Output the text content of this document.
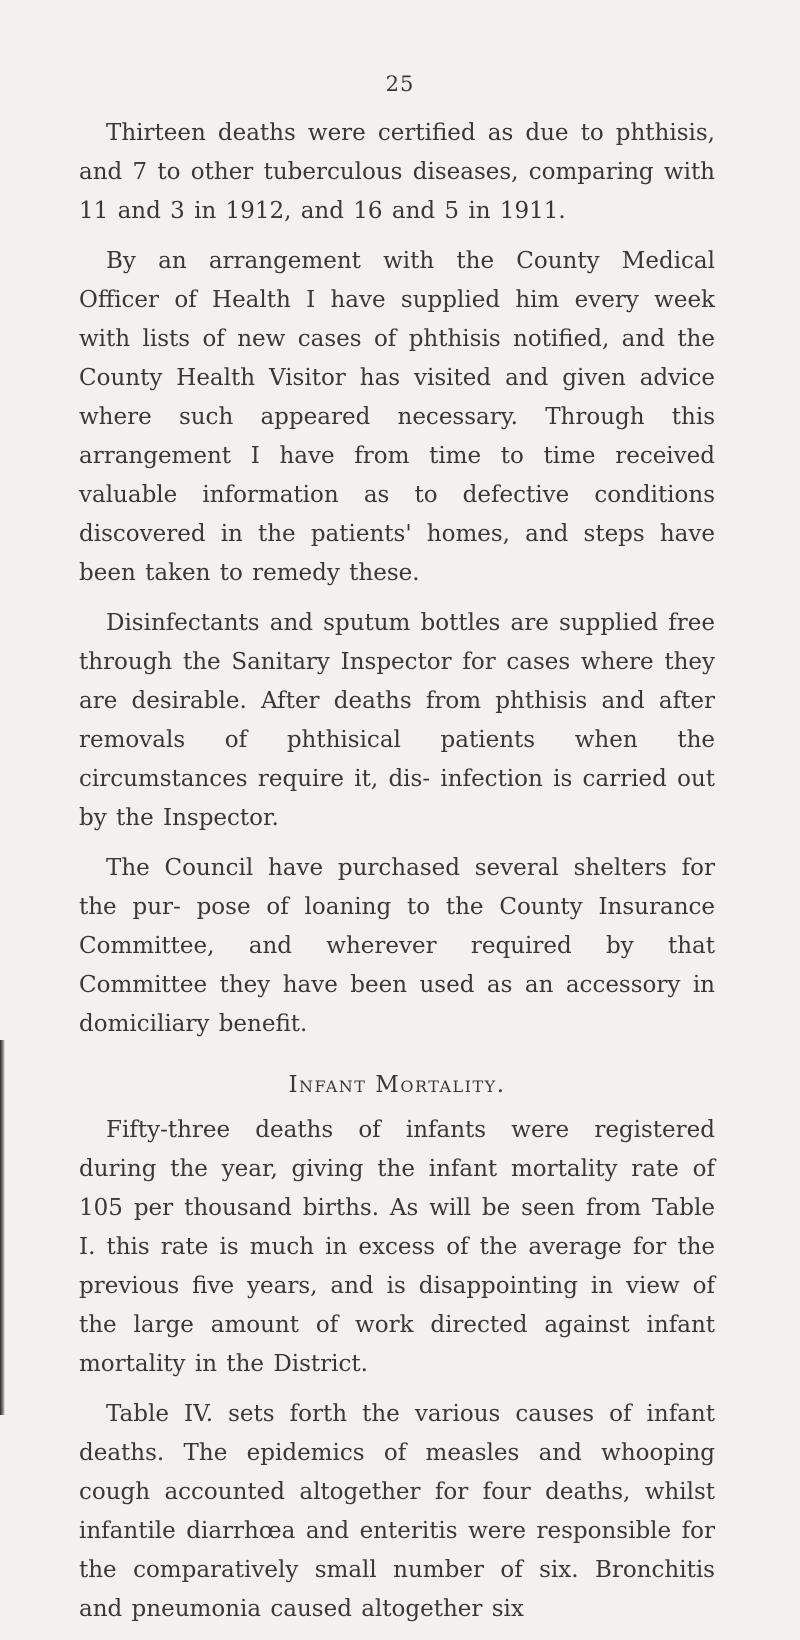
25

Thirteen deaths were certified as due to phthisis, and 7 to other tuberculous diseases, comparing with 11 and 3 in 1912, and 16 and 5 in 1911.

By an arrangement with the County Medical Officer of Health I have supplied him every week with lists of new cases of phthisis notified, and the County Health Visitor has visited and given advice where such appeared necessary. Through this arrangement I have from time to time received valuable information as to defective conditions discovered in the patients' homes, and steps have been taken to remedy these.

Disinfectants and sputum bottles are supplied free through the Sanitary Inspector for cases where they are desirable. After deaths from phthisis and after removals of phthisical patients when the circumstances require it, dis- infection is carried out by the Inspector.

The Council have purchased several shelters for the pur- pose of loaning to the County Insurance Committee, and wherever required by that Committee they have been used as an accessory in domiciliary benefit.

Infant Mortality.

Fifty-three deaths of infants were registered during the year, giving the infant mortality rate of 105 per thousand births. As will be seen from Table I. this rate is much in excess of the average for the previous five years, and is disappointing in view of the large amount of work directed against infant mortality in the District.

Table IV. sets forth the various causes of infant deaths. The epidemics of measles and whooping cough accounted altogether for four deaths, whilst infantile diarrhœa and enteritis were responsible for the comparatively small number of six. Bronchitis and pneumonia caused altogether six
